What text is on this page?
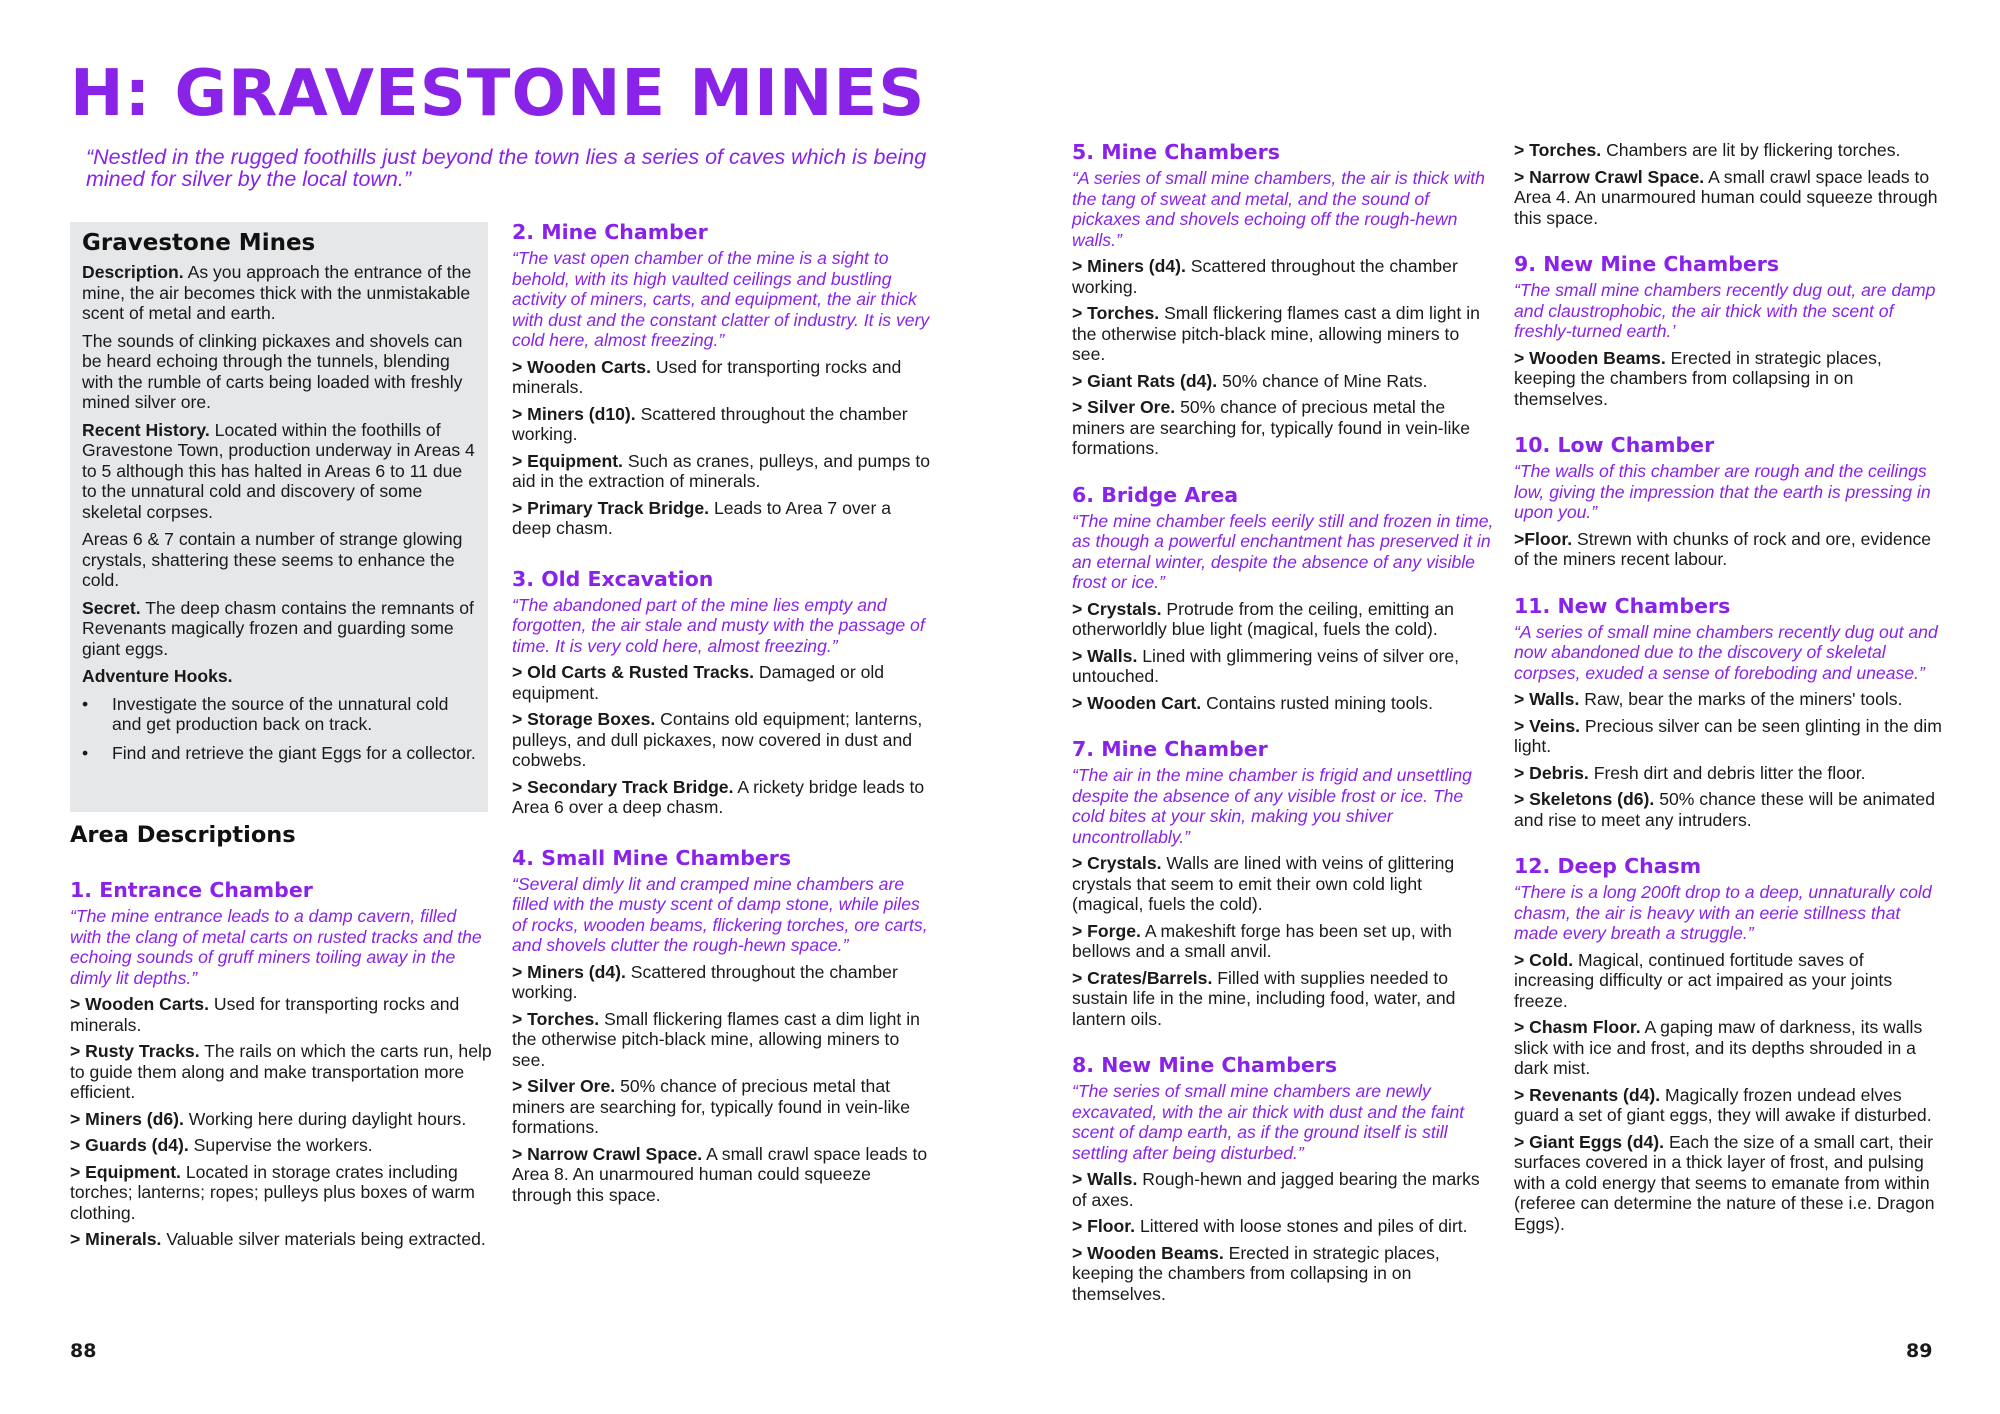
H: GRAVESTONE MINES

“Nestled in the rugged foothills just beyond the town lies a series of caves which is being mined for silver by the local town.”

Gravestone Mines

Description. As you approach the entrance of the mine, the air becomes thick with the unmistakable scent of metal and earth.

The sounds of clinking pickaxes and shovels can be heard echoing through the tunnels, blending with the rumble of carts being loaded with freshly mined silver ore.

Recent History. Located within the foothills of Gravestone Town, production underway in Areas 4 to 5 although this has halted in Areas 6 to 11 due to the unnatural cold and discovery of some skeletal corpses.

Areas 6 & 7 contain a number of strange glowing crystals, shattering these seems to enhance the cold.

Secret. The deep chasm contains the remnants of Revenants magically frozen and guarding some giant eggs.

Adventure Hooks.

• Investigate the source of the unnatural cold and get production back on track.
• Find and retrieve the giant Eggs for a collector.
Area Descriptions
1. Entrance Chamber

“The mine entrance leads to a damp cavern, filled with the clang of metal carts on rusted tracks and the echoing sounds of gruff miners toiling away in the dimly lit depths.”

> Wooden Carts. Used for transporting rocks and minerals.

> Rusty Tracks. The rails on which the carts run, help to guide them along and make transportation more efficient.

> Miners (d6). Working here during daylight hours.

> Guards (d4). Supervise the workers.

> Equipment. Located in storage crates including torches; lanterns; ropes; pulleys plus boxes of warm clothing.

> Minerals. Valuable silver materials being extracted.

2. Mine Chamber

“The vast open chamber of the mine is a sight to behold, with its high vaulted ceilings and bustling activity of miners, carts, and equipment, the air thick with dust and the constant clatter of industry. It is very cold here, almost freezing.”

> Wooden Carts. Used for transporting rocks and minerals.

> Miners (d10). Scattered throughout the chamber working.

> Equipment. Such as cranes, pulleys, and pumps to aid in the extraction of minerals.

> Primary Track Bridge. Leads to Area 7 over a deep chasm.

3. Old Excavation

“The abandoned part of the mine lies empty and forgotten, the air stale and musty with the passage of time. It is very cold here, almost freezing.”

> Old Carts & Rusted Tracks. Damaged or old equipment.

> Storage Boxes. Contains old equipment; lanterns, pulleys, and dull pickaxes, now covered in dust and cobwebs.

> Secondary Track Bridge. A rickety bridge leads to Area 6 over a deep chasm.

4. Small Mine Chambers

“Several dimly lit and cramped mine chambers are filled with the musty scent of damp stone, while piles of rocks, wooden beams, flickering torches, ore carts, and shovels clutter the rough-hewn space.”

> Miners (d4). Scattered throughout the chamber working.

> Torches. Small flickering flames cast a dim light in the otherwise pitch-black mine, allowing miners to see.

> Silver Ore. 50% chance of precious metal that miners are searching for, typically found in vein-like formations.

> Narrow Crawl Space. A small crawl space leads to Area 8. An unarmoured human could squeeze through this space.

5. Mine Chambers

“A series of small mine chambers, the air is thick with the tang of sweat and metal, and the sound of pickaxes and shovels echoing off the rough-hewn walls.”

> Miners (d4). Scattered throughout the chamber working.

> Torches. Small flickering flames cast a dim light in the otherwise pitch-black mine, allowing miners to see.

> Giant Rats (d4). 50% chance of Mine Rats.

> Silver Ore. 50% chance of precious metal the miners are searching for, typically found in vein-like formations.

6. Bridge Area

“The mine chamber feels eerily still and frozen in time, as though a powerful enchantment has preserved it in an eternal winter, despite the absence of any visible frost or ice.”

> Crystals. Protrude from the ceiling, emitting an otherworldly blue light (magical, fuels the cold).

> Walls. Lined with glimmering veins of silver ore, untouched.

> Wooden Cart. Contains rusted mining tools.

7. Mine Chamber

“The air in the mine chamber is frigid and unsettling despite the absence of any visible frost or ice. The cold bites at your skin, making you shiver uncontrollably.”

> Crystals. Walls are lined with veins of glittering crystals that seem to emit their own cold light (magical, fuels the cold).

> Forge. A makeshift forge has been set up, with bellows and a small anvil.

> Crates/Barrels. Filled with supplies needed to sustain life in the mine, including food, water, and lantern oils.

8. New Mine Chambers

“The series of small mine chambers are newly excavated, with the air thick with dust and the faint scent of damp earth, as if the ground itself is still settling after being disturbed.”

> Walls. Rough-hewn and jagged bearing the marks of axes.

> Floor. Littered with loose stones and piles of dirt.

> Wooden Beams. Erected in strategic places, keeping the chambers from collapsing in on themselves.

> Torches. Chambers are lit by flickering torches.

> Narrow Crawl Space. A small crawl space leads to Area 4. An unarmoured human could squeeze through this space.

9. New Mine Chambers

“The small mine chambers recently dug out, are damp and claustrophobic, the air thick with the scent of freshly-turned earth.’

> Wooden Beams. Erected in strategic places, keeping the chambers from collapsing in on themselves.

10. Low Chamber

“The walls of this chamber are rough and the ceilings low, giving the impression that the earth is pressing in upon you.”

>Floor. Strewn with chunks of rock and ore, evidence of the miners recent labour.

11. New Chambers

“A series of small mine chambers recently dug out and now abandoned due to the discovery of skeletal corpses, exuded a sense of foreboding and unease.”

> Walls. Raw, bear the marks of the miners' tools.

> Veins. Precious silver can be seen glinting in the dim light.

> Debris. Fresh dirt and debris litter the floor.

> Skeletons (d6). 50% chance these will be animated and rise to meet any intruders.

12. Deep Chasm

“There is a long 200ft drop to a deep, unnaturally cold chasm, the air is heavy with an eerie stillness that made every breath a struggle.”

> Cold. Magical, continued fortitude saves of increasing difficulty or act impaired as your joints freeze.

> Chasm Floor. A gaping maw of darkness, its walls slick with ice and frost, and its depths shrouded in a dark mist.

> Revenants (d4). Magically frozen undead elves guard a set of giant eggs, they will awake if disturbed.

> Giant Eggs (d4). Each the size of a small cart, their surfaces covered in a thick layer of frost, and pulsing with a cold energy that seems to emanate from within (referee can determine the nature of these i.e. Dragon Eggs).

88	89
